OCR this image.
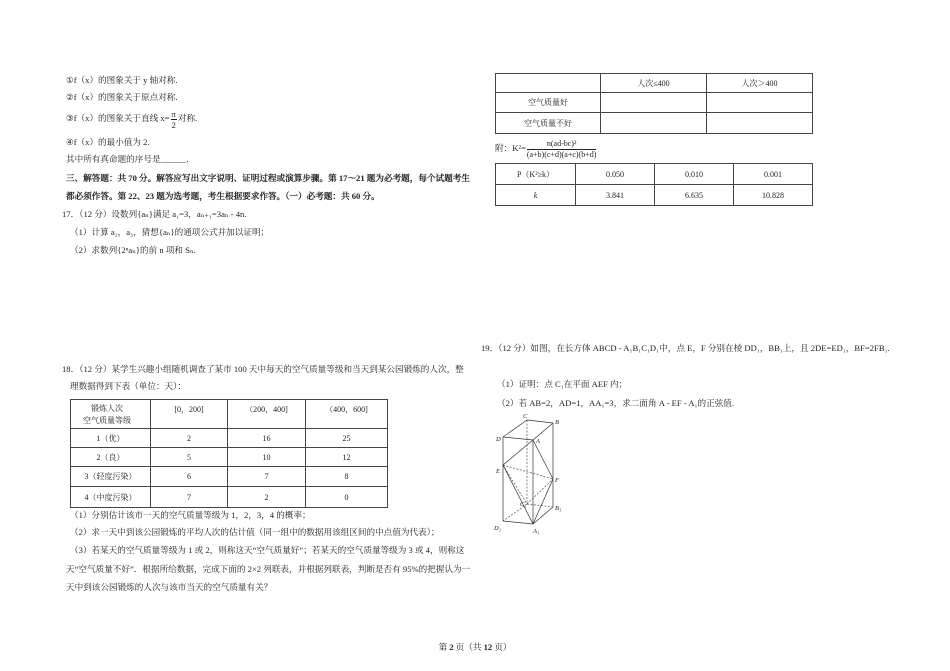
①f（x）的图象关于 y 轴对称.
②f（x）的图象关于原点对称.
③f（x）的图象关于直线 $x= \frac{\pi}{2}$ 对称.
④f（x）的最小值为 2.
其中所有真命题的序号是______.
三、解答题：共 70 分。解答应写出文字说明、证明过程或演算步骤。第 17～21 题为必考题，每个试题考生都必须作答。第 22、23 题为选考题，考生根据要求作答。（一）必考题：共 60 分。
17．（12 分）设数列{aₙ}满足 a₁=3，aₙ₊₁=3aₙ - 4n.
（1）计算 a₂，a₃，猜想{aₙ}的通项公式并加以证明；
（2）求数列{2ⁿaₙ}的前 n 项和 Sₙ.
18．（12 分）某学生兴趣小组随机调查了某市 100 天中每天的空气质量等级和当天到某公园锻炼的人次，整理数据得到下表（单位：天）：
锻炼人次
空气质量等级	[0，200]	（200，400]	（400，600]
1（优）	2	16	25
2（良）	5	10	12
3（轻度污染）	6	7	8
4（中度污染）	7	2	0
（1）分别估计该市一天的空气质量等级为 1，2，3，4 的概率；
（2）求一天中到该公园锻炼的平均人次的估计值（同一组中的数据用该组区间的中点值为代表）；
（3）若某天的空气质量等级为 1 或 2，则称这天“空气质量好”；若某天的空气质量等级为 3 或 4，则称这天“空气质量不好”．根据所给数据，完成下面的 2×2 列联表，并根据列联表，判断是否有 95%的把握认为一天中到该公园锻炼的人次与该市当天的空气质量有关？
	人次≤400	人次＞400
空气质量好		
空气质量不好		
附：$K^2= \frac{\text{n(ad-bc)²}}{(a+b)(c+d)(a+c)(b+d)}$
P（K²≥k）	0.050	0.010	0.001
k	3.841	6.635	10.828
19．（12 分）如图，在长方体 ABCD - A₁B₁C₁D₁中，点 E，F 分别在棱 DD₁，BB₁上，且 2DE=ED₁，BF=2FB₁.
（1）证明：点 C₁在平面 AEF 内；
（2）若 AB=2，AD=1，AA₁=3，求二面角 A - EF - A₁的正弦值.
C
B
D	A
E
F
C₁
B₁
D₁	A₁
第 2 页（共 12 页）
